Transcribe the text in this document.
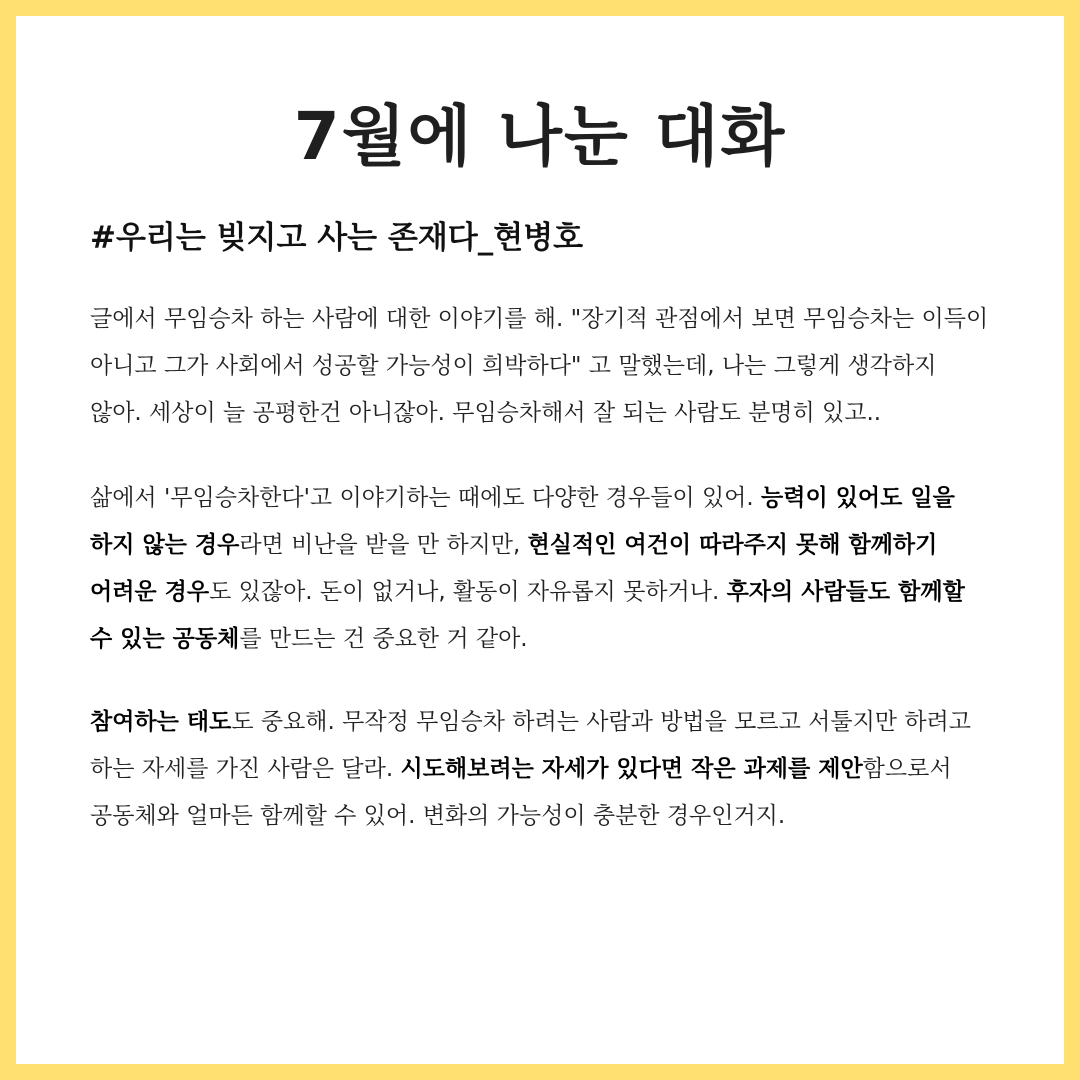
7월에 나눈 대화
#우리는 빚지고 사는 존재다_현병호

글에서 무임승차 하는 사람에 대한 이야기를 해. "장기적 관점에서 보면 무임승차는 이득이 아니고 그가 사회에서 성공할 가능성이 희박하다" 고 말했는데, 나는 그렇게 생각하지 않아. 세상이 늘 공평한건 아니잖아. 무임승차해서 잘 되는 사람도 분명히 있고..

삶에서 '무임승차한다'고 이야기하는 때에도 다양한 경우들이 있어. 능력이 있어도 일을 하지 않는 경우라면 비난을 받을 만 하지만, 현실적인 여건이 따라주지 못해 함께하기 어려운 경우도 있잖아. 돈이 없거나, 활동이 자유롭지 못하거나. 후자의 사람들도 함께할 수 있는 공동체를 만드는 건 중요한 거 같아.

참여하는 태도도 중요해. 무작정 무임승차 하려는 사람과 방법을 모르고 서툴지만 하려고 하는 자세를 가진 사람은 달라. 시도해보려는 자세가 있다면 작은 과제를 제안함으로서 공동체와 얼마든 함께할 수 있어. 변화의 가능성이 충분한 경우인거지.
